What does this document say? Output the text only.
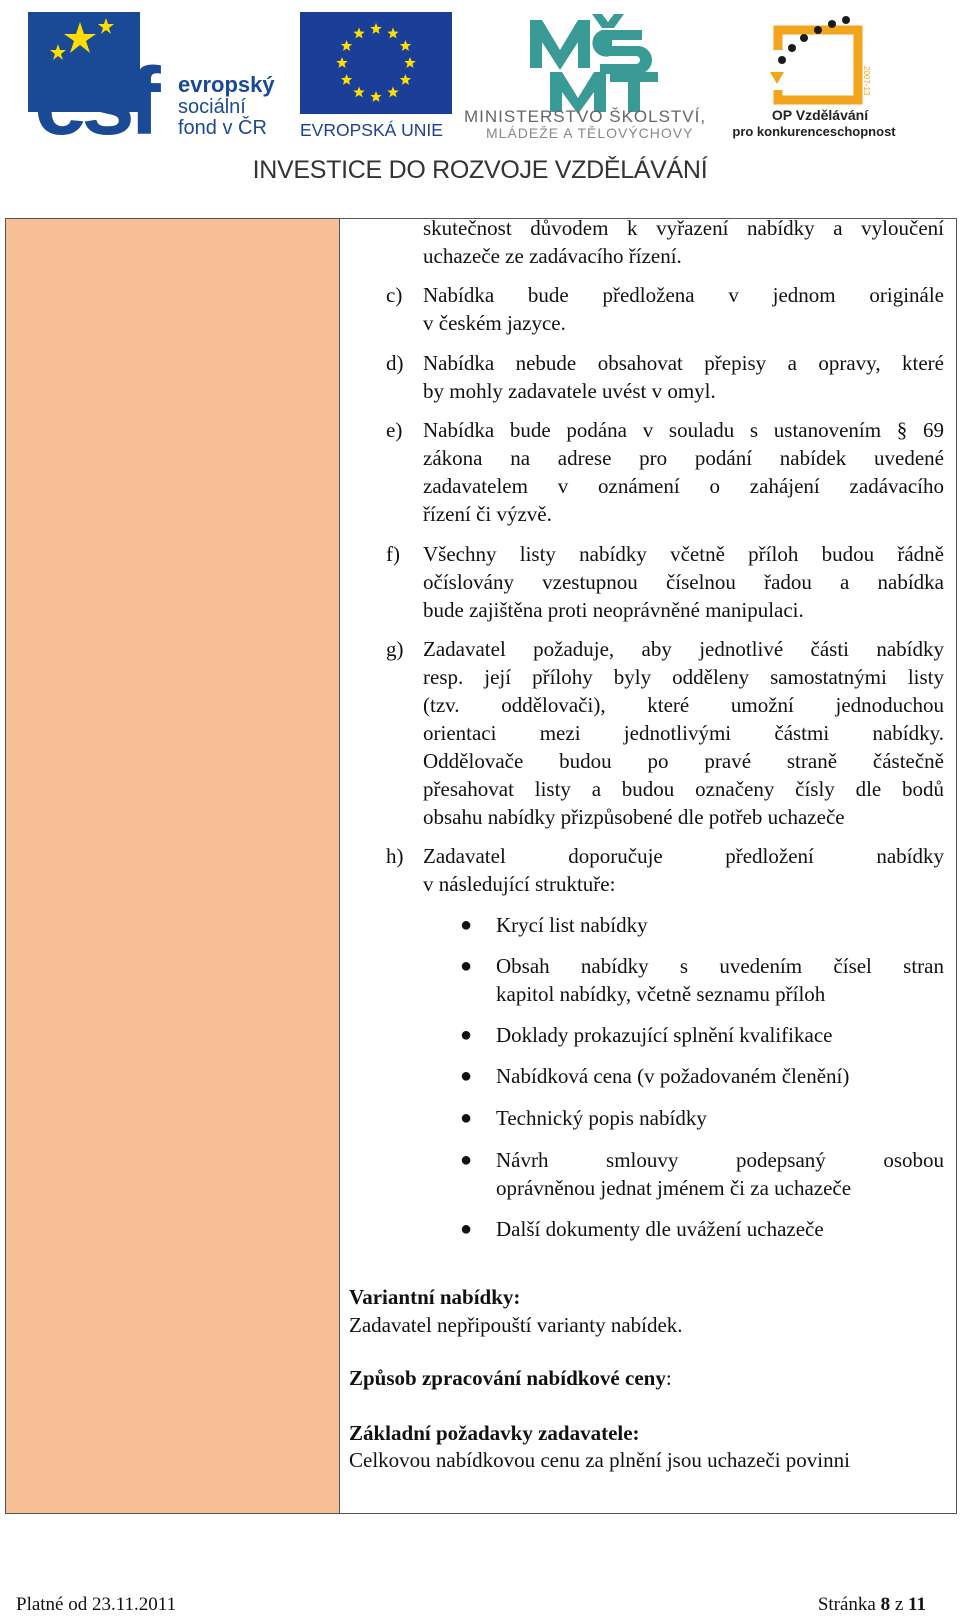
esf	evropský
sociální
fond v ČR EVROPSKÁ UNIE
MINISTERSTVO ŠKOLSTVÍ,
MLÁDEŽE A TĚLOVÝCHOVY
2007-13
OP Vzdělávání
pro konkurenceschopnost
INVESTICE DO ROZVOJE VZDĚLÁVÁNÍ
skutečnost důvodem k vyřazení nabídky a vyloučení
uchazeče ze zadávacího řízení.
c) Nabídka bude předložena v jednom originále
v českém jazyce.
d) Nabídka nebude obsahovat přepisy a opravy, které
by mohly zadavatele uvést v omyl.
e) Nabídka bude podána v souladu s ustanovením § 69
zákona na adrese pro podání nabídek uvedené
zadavatelem v oznámení o zahájení zadávacího
řízení či výzvě.
f)	Všechny listy nabídky včetně příloh budou řádně
očíslovány vzestupnou číselnou řadou a nabídka
bude zajištěna proti neoprávněné manipulaci.
g) Zadavatel požaduje, aby jednotlivé části nabídky
resp. její přílohy byly odděleny samostatnými listy
(tzv. oddělovači), které umožní jednoduchou
orientaci mezi jednotlivými částmi nabídky.
Oddělovače budou po pravé straně částečně
přesahovat listy a budou označeny čísly dle bodů
obsahu nabídky přizpůsobené dle potřeb uchazeče
h) Zadavatel doporučuje předložení nabídky
v následující struktuře:
● Krycí list nabídky
● Obsah nabídky s uvedením čísel stran
kapitol nabídky, včetně seznamu příloh
● Doklady prokazující splnění kvalifikace
● Nabídková cena (v požadovaném členění)
● Technický popis nabídky
● Návrh smlouvy podepsaný osobou
oprávněnou jednat jménem či za uchazeče
● Další dokumenty dle uvážení uchazeče
Variantní nabídky:
Zadavatel nepřipouští varianty nabídek.
Způsob zpracování nabídkové ceny:
Základní požadavky zadavatele:
Celkovou nabídkovou cenu za plnění jsou uchazeči povinni
Platné od 23.11.2011	Stránka 8 z 11
